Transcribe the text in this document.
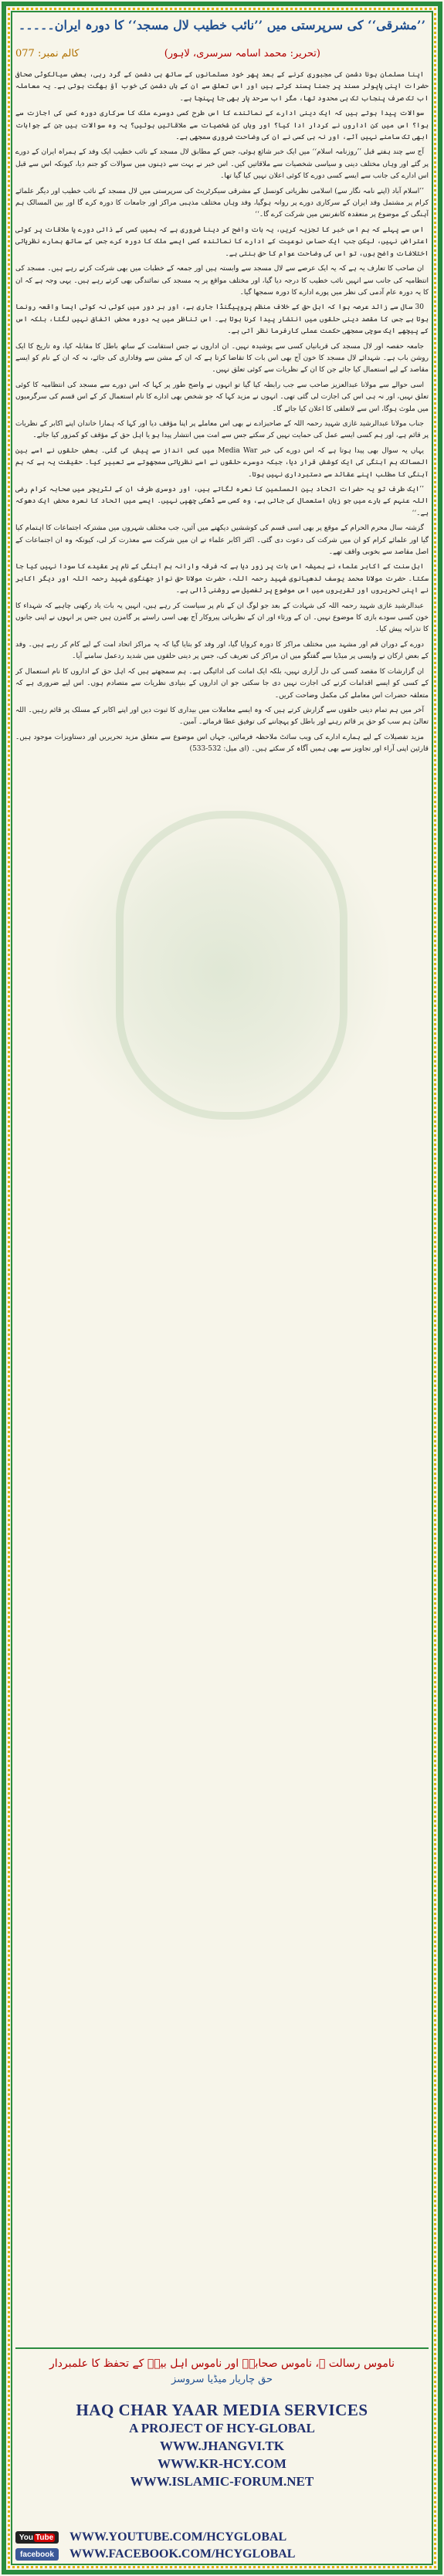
’’مشرقی‘‘ کی سرپرستی میں ’’نائب خطیب لال مسجد‘‘ کا دورہ ایران۔۔۔۔۔
(تحریر: محمد اسامہ سرسری، لاہور)
کالم نمبر: 077

اپنا مسلمان ہونا دشمن کی مجبوری کرنے کے بعد پھر خود مسلمانوں کے ساتھ ہی دشمن کے گرد رہی، بعض سیالکوٹی صحافی حضرات اپنی پاپولر مسند پر جمنا پسند کرتے ہیں اور اس تعلق سے ان کے ہاں دشمن کی خوب آؤ بھگت ہوتی ہے۔ یہ معاملہ اب تک صرف پنجاب تک ہی محدود تھا، مگر اب سرحد پار بھی جا پہنچا ہے۔

سوالات پیدا ہوتے ہیں کہ ایک دینی ادارے کے نمائندے کا اس طرح کسی دوسرے ملک کا سرکاری دورہ کس کی اجازت سے ہوا؟ اس میں کن اداروں نے کردار ادا کیا؟ اور وہاں کن شخصیات سے ملاقاتیں ہوئیں؟ یہ وہ سوالات ہیں جن کے جوابات ابھی تک سامنے نہیں آئے، اور نہ ہی کسی نے ان کی وضاحت ضروری سمجھی ہے۔

آج سے چند ہفتے قبل ’’روزنامہ اسلام‘‘ میں ایک خبر شائع ہوئی، جس کے مطابق لال مسجد کے نائب خطیب ایک وفد کے ہمراہ ایران کے دورے پر گئے اور وہاں مختلف دینی و سیاسی شخصیات سے ملاقاتیں کیں۔ اس خبر نے بہت سے ذہنوں میں سوالات کو جنم دیا، کیونکہ اس سے قبل اس ادارے کی جانب سے ایسے کسی دورے کا کوئی اعلان نہیں کیا گیا تھا۔

’’اسلام آباد (اپنے نامہ نگار سے) اسلامی نظریاتی کونسل کے مشرقی سیکرٹریٹ کی سرپرستی میں لال مسجد کے نائب خطیب اور دیگر علمائے کرام پر مشتمل وفد ایران کے سرکاری دورے پر روانہ ہوگیا، وفد وہاں مختلف مذہبی مراکز اور جامعات کا دورہ کرے گا اور بین المسالک ہم آہنگی کے موضوع پر منعقدہ کانفرنس میں شرکت کرے گا۔‘‘

اس سے پہلے کہ ہم اس خبر کا تجزیہ کریں، یہ بات واضح کر دینا ضروری ہے کہ ہمیں کسی کے ذاتی دورے یا ملاقات پر کوئی اعتراض نہیں، لیکن جب ایک حساس نوعیت کے ادارے کا نمائندہ کسی ایسے ملک کا دورہ کرے جس کے ساتھ ہمارے نظریاتی اختلافات واضح ہوں، تو اس کی وضاحت عوام کا حق بنتی ہے۔

ان صاحب کا تعارف یہ ہے کہ یہ ایک عرصے سے لال مسجد سے وابستہ ہیں اور جمعہ کے خطبات میں بھی شرکت کرتے رہے ہیں۔ مسجد کی انتظامیہ کی جانب سے انہیں نائب خطیب کا درجہ دیا گیا، اور مختلف مواقع پر یہ مسجد کی نمائندگی بھی کرتے رہے ہیں۔ یہی وجہ ہے کہ ان کا یہ دورہ عام آدمی کی نظر میں پورے ادارے کا دورہ سمجھا گیا۔

30 سال سے زائد عرصہ ہوا کہ اہل حق کے خلاف منظم پروپیگنڈا جاری ہے، اور ہر دور میں کوئی نہ کوئی ایسا واقعہ رونما ہوتا ہے جس کا مقصد دینی حلقوں میں انتشار پیدا کرنا ہوتا ہے۔ اس تناظر میں یہ دورہ محض اتفاق نہیں لگتا، بلکہ اس کے پیچھے ایک سوچی سمجھی حکمت عملی کارفرما نظر آتی ہے۔

جامعہ حفصہ اور لال مسجد کی قربانیاں کسی سے پوشیدہ نہیں۔ ان اداروں نے جس استقامت کے ساتھ باطل کا مقابلہ کیا، وہ تاریخ کا ایک روشن باب ہے۔ شہدائے لال مسجد کا خون آج بھی اس بات کا تقاضا کرتا ہے کہ ان کے مشن سے وفاداری کی جائے، نہ کہ ان کے نام کو ایسے مقاصد کے لیے استعمال کیا جائے جن کا ان کے نظریات سے کوئی تعلق نہیں۔

اسی حوالے سے مولانا عبدالعزیز صاحب سے جب رابطہ کیا گیا تو انہوں نے واضح طور پر کہا کہ اس دورے سے مسجد کی انتظامیہ کا کوئی تعلق نہیں، اور نہ ہی اس کی اجازت لی گئی تھی۔ انہوں نے مزید کہا کہ جو شخص بھی ادارے کا نام استعمال کر کے اس قسم کی سرگرمیوں میں ملوث ہوگا، اس سے لاتعلقی کا اعلان کیا جائے گا۔

جناب مولانا عبدالرشید غازی شہید رحمہ اللہ کے صاحبزادے نے بھی اس معاملے پر اپنا مؤقف دیا اور کہا کہ ہمارا خاندان اپنے اکابر کے نظریات پر قائم ہے، اور ہم کسی ایسے عمل کی حمایت نہیں کر سکتے جس سے امت میں انتشار پیدا ہو یا اہل حق کے مؤقف کو کمزور کیا جائے۔

یہاں یہ سوال بھی پیدا ہوتا ہے کہ اس دورے کی خبر Media War میں کس انداز سے پیش کی گئی۔ بعض حلقوں نے اسے بین المسالک ہم آہنگی کی ایک کوشش قرار دیا، جبکہ دوسرے حلقوں نے اسے نظریاتی سمجھوتے سے تعبیر کیا۔ حقیقت یہ ہے کہ ہم آہنگی کا مطلب اپنے عقائد سے دستبرداری نہیں ہوتا۔

’’ایک طرف تو یہ حضرات اتحاد بین المسلمین کا نعرہ لگاتے ہیں، اور دوسری طرف ان کے لٹریچر میں صحابہ کرام رضی اللہ عنہم کے بارے میں جو زبان استعمال کی جاتی ہے، وہ کسی سے ڈھکی چھپی نہیں۔ ایسے میں اتحاد کا نعرہ محض ایک دھوکہ ہے۔‘‘

گزشتہ سال محرم الحرام کے موقع پر بھی اسی قسم کی کوششیں دیکھنے میں آئیں، جب مختلف شہروں میں مشترکہ اجتماعات کا اہتمام کیا گیا اور علمائے کرام کو ان میں شرکت کی دعوت دی گئی۔ اکثر اکابر علماء نے ان میں شرکت سے معذرت کر لی، کیونکہ وہ ان اجتماعات کے اصل مقاصد سے بخوبی واقف تھے۔

اہل سنت کے اکابر علماء نے ہمیشہ اس بات پر زور دیا ہے کہ فرقہ وارانہ ہم آہنگی کے نام پر عقیدے کا سودا نہیں کیا جا سکتا۔ حضرت مولانا محمد یوسف لدھیانوی شہید رحمہ اللہ، حضرت مولانا حق نواز جھنگوی شہید رحمہ اللہ اور دیگر اکابر نے اپنی تحریروں اور تقریروں میں اس موضوع پر تفصیل سے روشنی ڈالی ہے۔

عبدالرشید غازی شہید رحمہ اللہ کی شہادت کے بعد جو لوگ ان کے نام پر سیاست کر رہے ہیں، انہیں یہ بات یاد رکھنی چاہیے کہ شہداء کا خون کسی سودے بازی کا موضوع نہیں۔ ان کے ورثاء اور ان کے نظریاتی پیروکار آج بھی اسی راستے پر گامزن ہیں جس پر انہوں نے اپنی جانوں کا نذرانہ پیش کیا۔

دورے کے دوران قم اور مشہد میں مختلف مراکز کا دورہ کروایا گیا، اور وفد کو بتایا گیا کہ یہ مراکز اتحاد امت کے لیے کام کر رہے ہیں۔ وفد کے بعض ارکان نے واپسی پر میڈیا سے گفتگو میں ان مراکز کی تعریف کی، جس پر دینی حلقوں میں شدید ردعمل سامنے آیا۔

ان گزارشات کا مقصد کسی کی دل آزاری نہیں، بلکہ ایک امانت کی ادائیگی ہے۔ ہم سمجھتے ہیں کہ اہل حق کے اداروں کا نام استعمال کر کے کسی کو ایسے اقدامات کرنے کی اجازت نہیں دی جا سکتی جو ان اداروں کے بنیادی نظریات سے متصادم ہوں۔ اس لیے ضروری ہے کہ متعلقہ حضرات اس معاملے کی مکمل وضاحت کریں۔

آخر میں ہم تمام دینی حلقوں سے گزارش کرتے ہیں کہ وہ ایسے معاملات میں بیداری کا ثبوت دیں اور اپنے اکابر کے مسلک پر قائم رہیں۔ اللہ تعالیٰ ہم سب کو حق پر قائم رہنے اور باطل کو پہچاننے کی توفیق عطا فرمائے۔ آمین۔

مزید تفصیلات کے لیے ہمارے ادارے کی ویب سائٹ ملاحظہ فرمائیں، جہاں اس موضوع سے متعلق مزید تحریریں اور دستاویزات موجود ہیں۔ قارئین اپنی آراء اور تجاویز سے بھی ہمیں آگاہ کر سکتے ہیں۔ (ای میل: 532-533)

ناموس رسالت ﷺ، ناموس صحابہؓ اور ناموس اہل بیتؓ کے تحفظ کا علمبردار
حق چاریار میڈیا سروسز
HAQ CHAR YAAR MEDIA SERVICES
A PROJECT OF HCY-GLOBAL
WWW.JHANGVI.TK
WWW.KR-HCY.COM
WWW.ISLAMIC-FORUM.NET
You Tube WWW.YOUTUBE.COM/HCYGLOBAL
facebook	WWW.FACEBOOK.COM/HCYGLOBAL
